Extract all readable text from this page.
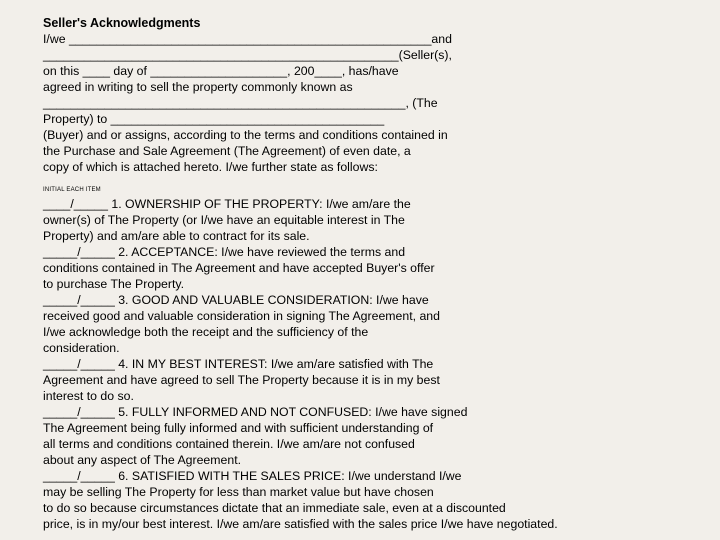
Seller's Acknowledgments
I/we _____________________________________________________and
____________________________________________________(Seller(s),
on this ____ day of ____________________, 200____, has/have
agreed in writing to sell the property commonly known as
_____________________________________________________, (The
Property) to ________________________________________
(Buyer) and or assigns, according to the terms and conditions contained in
the Purchase and Sale Agreement (The Agreement) of even date, a
copy of which is attached hereto. I/we further state as follows:
INITIAL EACH ITEM
____/_____ 1. OWNERSHIP OF THE PROPERTY: I/we am/are the
owner(s) of The Property (or I/we have an equitable interest in The
Property) and am/are able to contract for its sale.
_____/_____ 2. ACCEPTANCE: I/we have reviewed the terms and
conditions contained in The Agreement and have accepted Buyer's offer
to purchase The Property.
_____/_____ 3. GOOD AND VALUABLE CONSIDERATION: I/we have
received good and valuable consideration in signing The Agreement, and
I/we acknowledge both the receipt and the sufficiency of the
consideration.
_____/_____ 4. IN MY BEST INTEREST: I/we am/are satisfied with The
Agreement and have agreed to sell The Property because it is in my best
interest to do so.
_____/_____ 5. FULLY INFORMED AND NOT CONFUSED: I/we have signed
The Agreement being fully informed and with sufficient understanding of
all terms and conditions contained therein. I/we am/are not confused
about any aspect of The Agreement.
_____/_____ 6. SATISFIED WITH THE SALES PRICE: I/we understand I/we
may be selling The Property for less than market value but have chosen
to do so because circumstances dictate that an immediate sale, even at a discounted
price, is in my/our best interest. I/we am/are satisfied with the sales price I/we have negotiated.
